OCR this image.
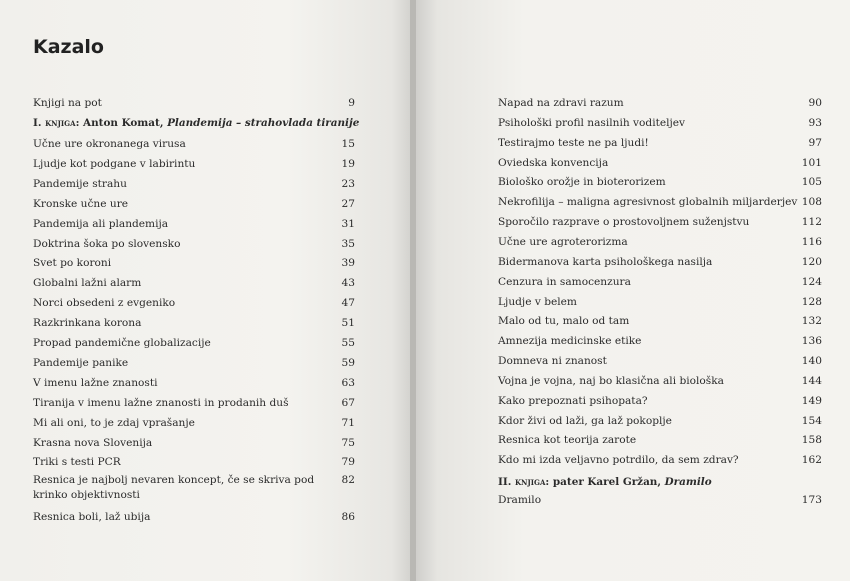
Kazalo
Knjigi na pot	9
I. knjiga: Anton Komat, Plandemija – strahovlada tiranije
Učne ure okronanega virusa	15
Ljudje kot podgane v labirintu	19
Pandemije strahu	23
Kronske učne ure	27
Pandemija ali plandemija	31
Doktrina šoka po slovensko	35
Svet po koroni	39
Globalni lažni alarm	43
Norci obsedeni z evgeniko	47
Razkrinkana korona	51
Propad pandemične globalizacije	55
Pandemije panike	59
V imenu lažne znanosti	63
Tiranija v imenu lažne znanosti in prodanih duš	67
Mi ali oni, to je zdaj vprašanje	71
Krasna nova Slovenija	75
Triki s testi PCR	79
Resnica je najbolj nevaren koncept, če se skriva pod	82
krinko objektivnosti
Resnica boli, laž ubija	86
Napad na zdravi razum	90
Psihološki profil nasilnih voditeljev	93
Testirajmo teste ne pa ljudi!	97
Oviedska konvencija	101
Biološko orožje in bioterorizem	105
Nekrofilija – maligna agresivnost globalnih miljarderjev 108
Sporočilo razprave o prostovoljnem suženjstvu	112
Učne ure agroterorizma	116
Bidermanova karta psihološkega nasilja	120
Cenzura in samocenzura	124
Ljudje v belem	128
Malo od tu, malo od tam	132
Amnezija medicinske etike	136
Domneva ni znanost	140
Vojna je vojna, naj bo klasična ali biološka	144
Kako prepoznati psihopata?	149
Kdor živi od laži, ga laž pokoplje	154
Resnica kot teorija zarote	158
Kdo mi izda veljavno potrdilo, da sem zdrav?	162
II. knjiga: pater Karel Gržan, Dramilo
Dramilo	173
